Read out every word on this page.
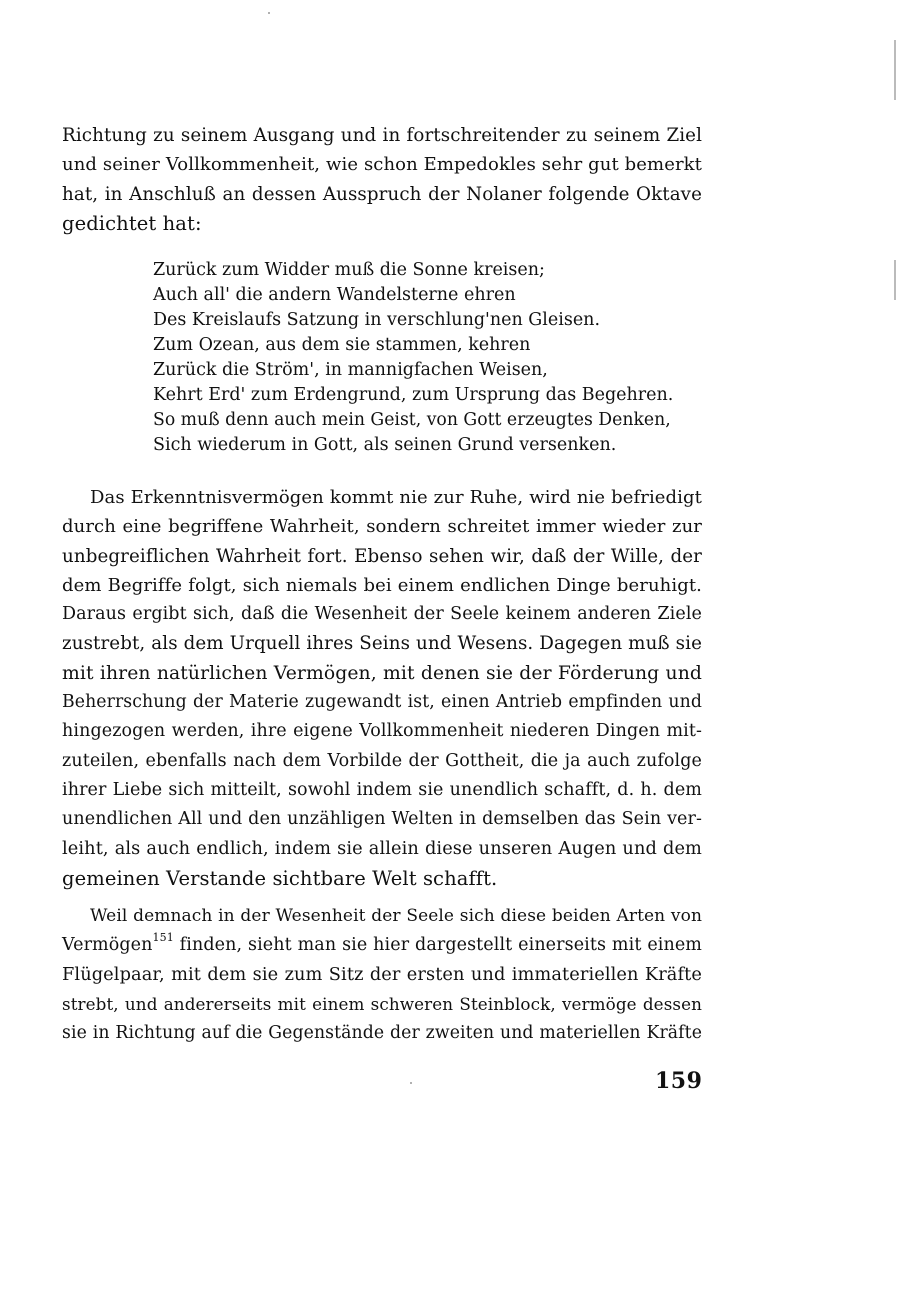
Richtung zu seinem Ausgang und in fortschreitender zu seinem Ziel
und seiner Vollkommenheit, wie schon Empedokles sehr gut bemerkt
hat, in Anschluß an dessen Ausspruch der Nolaner folgende Oktave
gedichtet hat:
Zurück zum Widder muß die Sonne kreisen;
Auch all' die andern Wandelsterne ehren
Des Kreislaufs Satzung in verschlung'nen Gleisen.
Zum Ozean, aus dem sie stammen, kehren
Zurück die Ström', in mannigfachen Weisen,
Kehrt Erd' zum Erdengrund, zum Ursprung das Begehren.
So muß denn auch mein Geist, von Gott erzeugtes Denken,
Sich wiederum in Gott, als seinen Grund versenken.
Das Erkenntnisvermögen kommt nie zur Ruhe, wird nie befriedigt
durch eine begriffene Wahrheit, sondern schreitet immer wieder zur
unbegreiflichen Wahrheit fort. Ebenso sehen wir, daß der Wille, der
dem Begriffe folgt, sich niemals bei einem endlichen Dinge beruhigt.
Daraus ergibt sich, daß die Wesenheit der Seele keinem anderen Ziele
zustrebt, als dem Urquell ihres Seins und Wesens. Dagegen muß sie
mit ihren natürlichen Vermögen, mit denen sie der Förderung und
Beherrschung der Materie zugewandt ist, einen Antrieb empfinden und
hingezogen werden, ihre eigene Vollkommenheit niederen Dingen mit-
zuteilen, ebenfalls nach dem Vorbilde der Gottheit, die ja auch zufolge
ihrer Liebe sich mitteilt, sowohl indem sie unendlich schafft, d. h. dem
unendlichen All und den unzähligen Welten in demselben das Sein ver-
leiht, als auch endlich, indem sie allein diese unseren Augen und dem
gemeinen Verstande sichtbare Welt schafft.
Weil demnach in der Wesenheit der Seele sich diese beiden Arten von
Vermögen$^{151}$ finden, sieht man sie hier dargestellt einerseits mit einem
Flügelpaar, mit dem sie zum Sitz der ersten und immateriellen Kräfte
strebt, und andererseits mit einem schweren Steinblock, vermöge dessen
sie in Richtung auf die Gegenstände der zweiten und materiellen Kräfte
159
